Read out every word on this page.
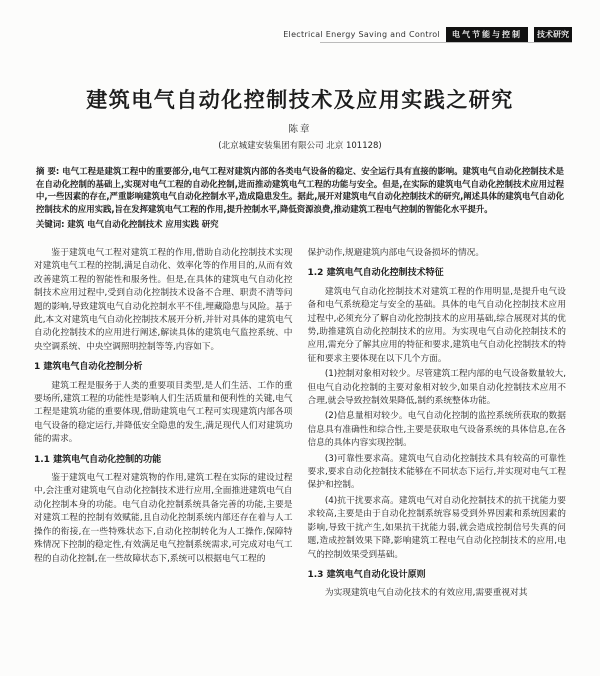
Electrical Energy Saving and Control	电气节能与控制	技术研究
建筑电气自动化控制技术及应用实践之研究
陈章
(北京城建安装集团有限公司 北京 101128)
摘 要: 电气工程是建筑工程中的重要部分,电气工程对建筑内部的各类电气设备的稳定、安全运行具有直接的影响。建筑电气自动化控制技术是在自动化控制的基础上,实现对电气工程的自动化控制,进而推动建筑电气工程的功能与安全。但是,在实际的建筑电气自动化控制技术应用过程中,一些因素的存在,严重影响建筑电气自动化控制水平,造成隐患发生。据此,展开对建筑电气自动化控制技术的研究,阐述具体的建筑电气自动化控制技术的应用实践,旨在发挥建筑电气工程的作用,提升控制水平,降低资源浪费,推动建筑工程电气控制的智能化水平提升。
关键词: 建筑 电气自动化控制技术 应用实践 研究

鉴于建筑电气工程对建筑工程的作用,借助自动化控制技术实现对建筑电气工程的控制,满足自动化、效率化等的作用目的,从而有效改善建筑工程的智能性和服务性。但是,在具体的建筑电气自动化控制技术应用过程中,受到自动化控制技术设备不合理、职责不清等问题的影响,导致建筑电气自动化控制水平不佳,埋藏隐患与风险。基于此,本文对建筑电气自动化控制技术展开分析,并针对具体的建筑电气自动化控制技术的应用进行阐述,解读具体的建筑电气监控系统、中央空调系统、中央空调照明控制等等,内容如下。

1 建筑电气自动化控制分析

建筑工程是服务于人类的重要项目类型,是人们生活、工作的重要场所,建筑工程的功能性是影响人们生活质量和便利性的关键,电气工程是建筑功能的重要体现,借助建筑电气工程可实现建筑内部各项电气设备的稳定运行,并降低安全隐患的发生,满足现代人们对建筑功能的需求。

1.1 建筑电气自动化控制的功能

鉴于建筑电气工程对建筑物的作用,建筑工程在实际的建设过程中,会注重对建筑电气自动化控制技术进行应用,全面推进建筑电气自动化控制本身的功能。电气自动化控制系统具备完善的功能,主要是对建筑工程的控制有效赋能,且自动化控制系统内部还存在着与人工操作的衔接,在一些特殊状态下,自动化控制转化为人工操作,保障特殊情况下控制的稳定性,有效满足电气控制系统需求,可完成对电气工程的自动化控制,在一些故障状态下,系统可以根据电气工程的

保护动作,规避建筑内部电气设备损坏的情况。

1.2 建筑电气自动化控制技术特征

建筑电气自动化控制技术对建筑工程的作用明显,是提升电气设备和电气系统稳定与安全的基础。具体的电气自动化控制技术应用过程中,必须充分了解自动化控制技术的应用基础,综合展现对其的优势,助推建筑自动化控制技术的应用。为实现电气自动化控制技术的应用,需充分了解其应用的特征和要求,建筑电气自动化控制技术的特征和要求主要体现在以下几个方面。

(1)控制对象相对较少。尽管建筑工程内部的电气设备数量较大,但电气自动化控制的主要对象相对较少,如果自动化控制技术应用不合理,就会导致控制效果降低,制约系统整体功能。

(2)信息量相对较少。电气自动化控制的监控系统所获取的数据信息具有准确性和综合性,主要是获取电气设备系统的具体信息,在各信息的具体内容实现控制。

(3)可靠性要求高。建筑电气自动化控制技术具有较高的可靠性要求,要求自动化控制技术能够在不同状态下运行,并实现对电气工程保护和控制。

(4)抗干扰要求高。建筑电气对自动化控制技术的抗干扰能力要求较高,主要是由于自动化控制系统容易受到外界因素和系统因素的影响,导致干扰产生,如果抗干扰能力弱,就会造成控制信号失真的问题,造成控制效果下降,影响建筑工程电气自动化控制技术的应用,电气的控制效果受到基础。

1.3 建筑电气自动化设计原则

为实现建筑电气自动化技术的有效应用,需要重视对其
